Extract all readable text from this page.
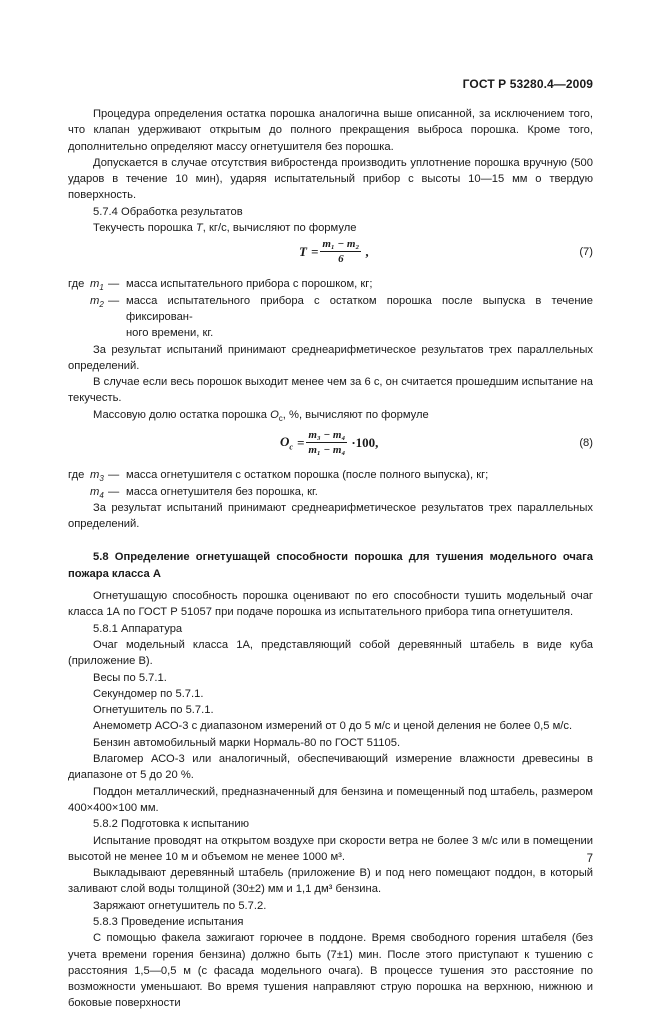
ГОСТ Р 53280.4—2009

Процедура определения остатка порошка аналогична выше описанной, за исключением того, что клапан удерживают открытым до полного прекращения выброса порошка. Кроме того, дополнительно определяют массу огнетушителя без порошка.

Допускается в случае отсутствия вибростенда производить уплотнение порошка вручную (500 ударов в течение 10 мин), ударяя испытательный прибор с высоты 10—15 мм о твердую поверхность.

5.7.4 Обработка результатов

Текучесть порошка T, кг/с, вычисляют по формуле

$T = \frac{\text{m₁ − m₂}}{6}$ ,	(7)
где $m_1$ — масса испытательного прибора с порошком, кг;
$m_2$ — масса испытательного прибора с остатком порошка после выпуска в течение фиксирован-
ного времени, кг.

За результат испытаний принимают среднеарифметическое результатов трех параллельных определений.

В случае если весь порошок выходит менее чем за 6 с, он считается прошедшим испытание на текучесть.

Массовую долю остатка порошка $O_с$, %, вычисляют по формуле

$O_с = \frac{\text{m₃ − m₄}}{\text{m₁ − m₄}} \cdot 100$,	(8)
где $m_3$ — масса огнетушителя с остатком порошка (после полного выпуска), кг;
$m_4$ — масса огнетушителя без порошка, кг.

За результат испытаний принимают среднеарифметическое результатов трех параллельных определений.

5.8 Определение огнетушащей способности порошка для тушения модельного очага пожара класса А

Огнетушащую способность порошка оценивают по его способности тушить модельный очаг класса 1А по ГОСТ Р 51057 при подаче порошка из испытательного прибора типа огнетушителя.

5.8.1 Аппаратура

Очаг модельный класса 1А, представляющий собой деревянный штабель в виде куба (приложение В).

Весы по 5.7.1.

Секундомер по 5.7.1.

Огнетушитель по 5.7.1.

Анемометр АСО-3 с диапазоном измерений от 0 до 5 м/с и ценой деления не более 0,5 м/с.

Бензин автомобильный марки Нормаль-80 по ГОСТ 51105.

Влагомер АСО-3 или аналогичный, обеспечивающий измерение влажности древесины в диапазоне от 5 до 20 %.

Поддон металлический, предназначенный для бензина и помещенный под штабель, размером 400×400×100 мм.

5.8.2 Подготовка к испытанию

Испытание проводят на открытом воздухе при скорости ветра не более 3 м/с или в помещении высотой не менее 10 м и объемом не менее 1000 м³.

Выкладывают деревянный штабель (приложение В) и под него помещают поддон, в который заливают слой воды толщиной (30±2) мм и 1,1 дм³ бензина.

Заряжают огнетушитель по 5.7.2.

5.8.3 Проведение испытания

С помощью факела зажигают горючее в поддоне. Время свободного горения штабеля (без учета времени горения бензина) должно быть (7±1) мин. После этого приступают к тушению с расстояния 1,5—0,5 м (с фасада модельного очага). В процессе тушения это расстояние по возможности уменьшают. Во время тушения направляют струю порошка на верхнюю, нижнюю и боковые поверхности

7
